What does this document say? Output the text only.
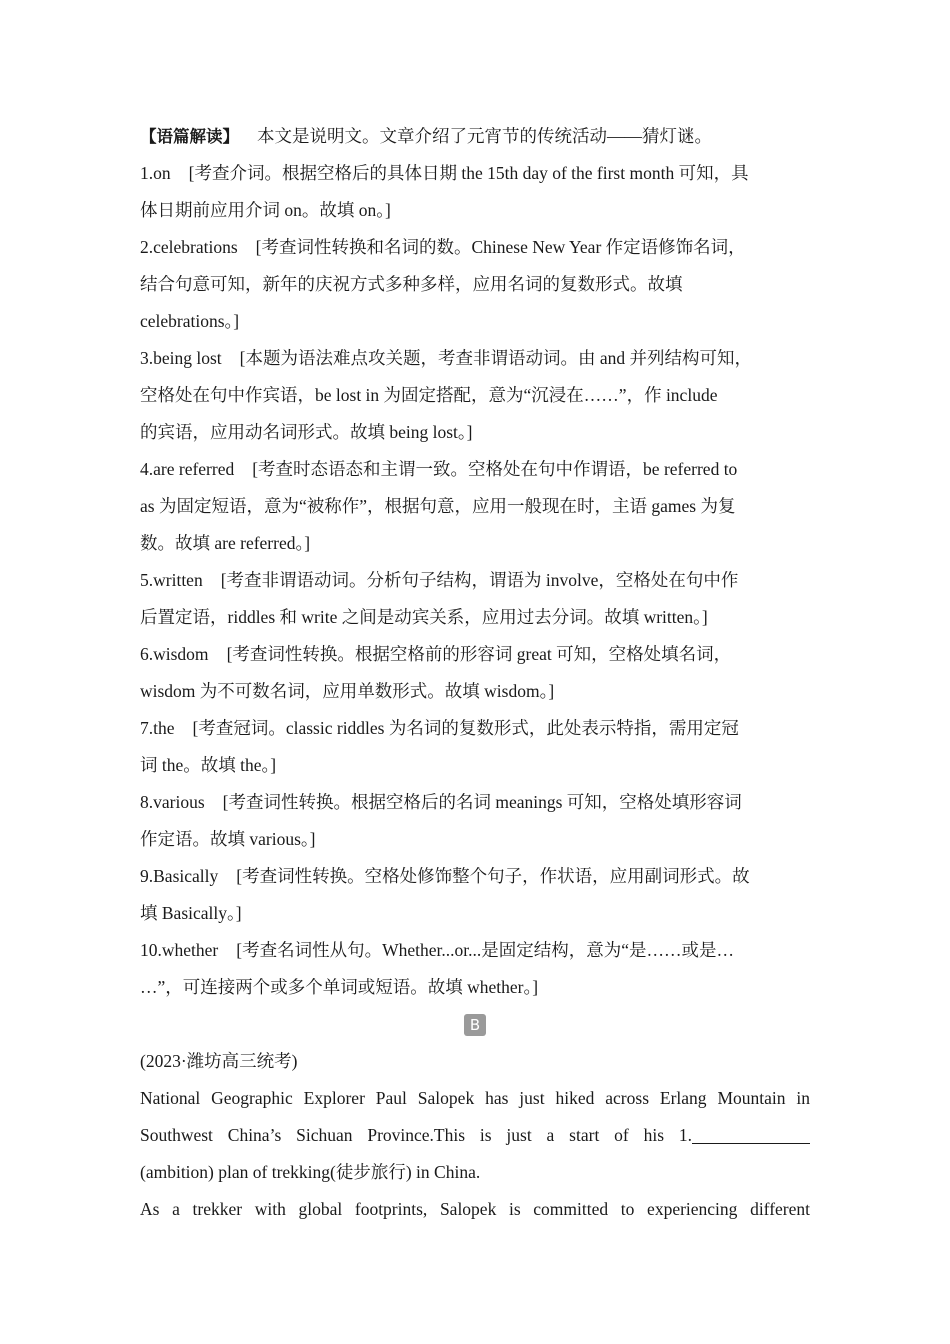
【语篇解读】 本文是说明文。文章介绍了元宵节的传统活动——猜灯谜。
1.on [考查介词。根据空格后的具体日期 the 15th day of the first month 可知，具
体日期前应用介词 on。故填 on。]
2.celebrations [考查词性转换和名词的数。Chinese New Year 作定语修饰名词，
结合句意可知，新年的庆祝方式多种多样，应用名词的复数形式。故填
celebrations。]
3.being lost [本题为语法难点攻关题，考查非谓语动词。由 and 并列结构可知，
空格处在句中作宾语，be lost in 为固定搭配，意为“沉浸在……”，作 include
的宾语，应用动名词形式。故填 being lost。]
4.are referred [考查时态语态和主谓一致。空格处在句中作谓语，be referred to
as 为固定短语，意为“被称作”，根据句意，应用一般现在时，主语 games 为复
数。故填 are referred。]
5.written [考查非谓语动词。分析句子结构，谓语为 involve，空格处在句中作
后置定语，riddles 和 write 之间是动宾关系，应用过去分词。故填 written。]
6.wisdom [考查词性转换。根据空格前的形容词 great 可知，空格处填名词，
wisdom 为不可数名词，应用单数形式。故填 wisdom。]
7.the [考查冠词。classic riddles 为名词的复数形式，此处表示特指，需用定冠
词 the。故填 the。]
8.various [考查词性转换。根据空格后的名词 meanings 可知，空格处填形容词
作定语。故填 various。]
9.Basically [考查词性转换。空格处修饰整个句子，作状语，应用副词形式。故
填 Basically。]
10.whether [考查名词性从句。Whether...or...是固定结构，意为“是……或是…
…”，可连接两个或多个单词或短语。故填 whether。]
B
(2023·潍坊高三统考)
National Geographic Explorer Paul Salopek has just hiked across Erlang Mountain in
Southwest China’s Sichuan Province.This is just a start of his 1.
(ambition) plan of trekking(徒步旅行) in China.
As a trekker with global footprints, Salopek is committed to experiencing different
